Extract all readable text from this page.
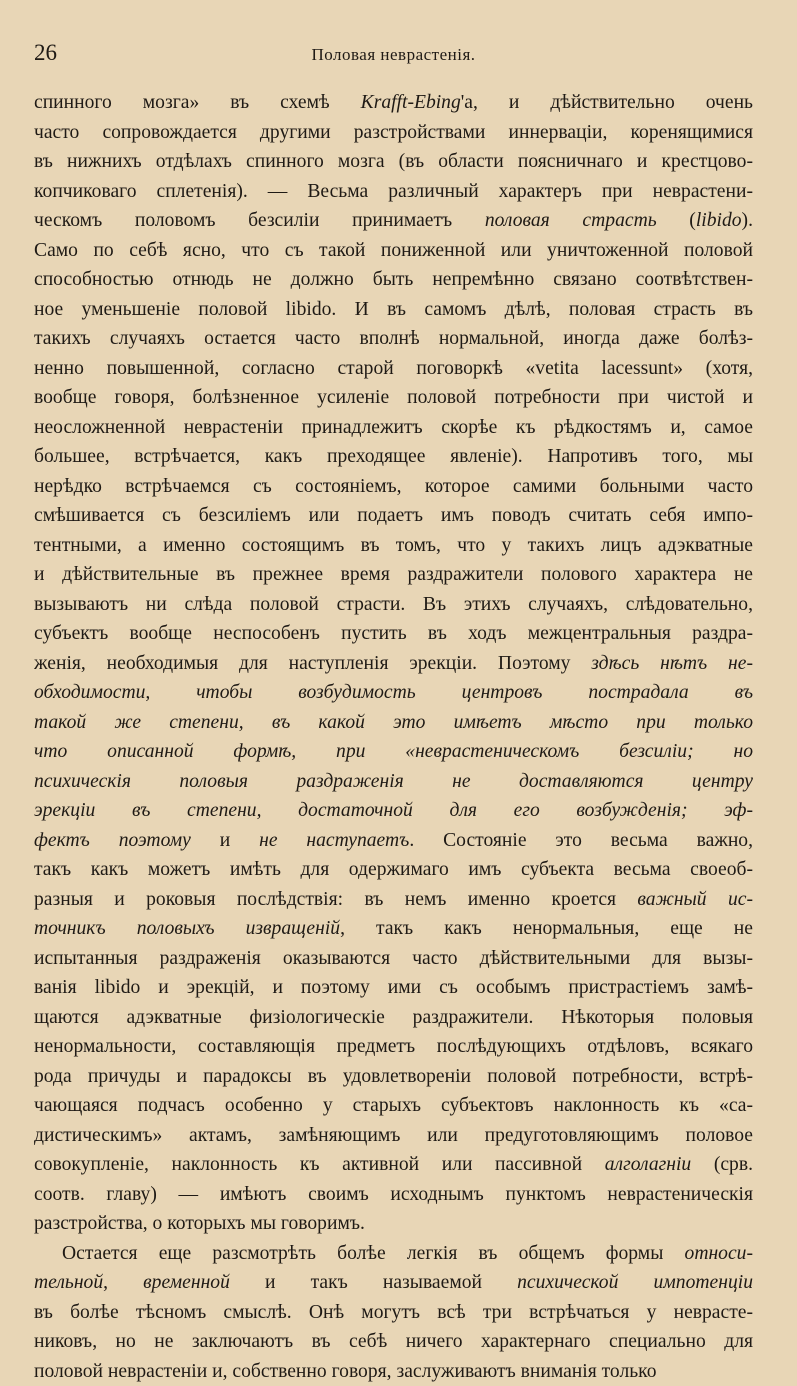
26	Половая неврастенія.
спинного мозга» въ схемѣ Krafft-Ebing'а, и дѣйствительно очень
часто сопровождается другими разстройствами иннерваціи, коренящимися
въ нижнихъ отдѣлахъ спинного мозга (въ области поясничнаго и крестцово-
копчиковаго сплетенія). — Весьма различный характеръ при неврастени-
ческомъ половомъ безсиліи принимаетъ половая страсть (libido).
Само по себѣ ясно, что съ такой пониженной или уничтоженной половой
способностью отнюдь не должно быть непремѣнно связано соотвѣтствен-
ное уменьшеніе половой libido. И въ самомъ дѣлѣ, половая страсть въ
такихъ случаяхъ остается часто вполнѣ нормальной, иногда даже болѣз-
ненно повышенной, согласно старой поговоркѣ «vetita lacessunt» (хотя,
вообще говоря, болѣзненное усиленіе половой потребности при чистой и
неосложненной неврастеніи принадлежитъ скорѣе къ рѣдкостямъ и, самое
большее, встрѣчается, какъ преходящее явленіе). Напротивъ того, мы
нерѣдко встрѣчаемся съ состояніемъ, которое самими больными часто
смѣшивается съ безсиліемъ или подаетъ имъ поводъ считать себя импо-
тентными, а именно состоящимъ въ томъ, что у такихъ лицъ адэкватные
и дѣйствительные въ прежнее время раздражители полового характера не
вызываютъ ни слѣда половой страсти. Въ этихъ случаяхъ, слѣдовательно,
субъектъ вообще неспособенъ пустить въ ходъ межцентральныя раздра-
женія, необходимыя для наступленія эрекціи. Поэтому здѣсь нѣтъ не-
обходимости, чтобы возбудимость центровъ пострадала въ
такой же степени, въ какой это имѣетъ мѣсто при только
что описанной формѣ, при «неврастеническомъ безсиліи; но
психическія половыя раздраженія не доставляются центру
эрекціи въ степени, достаточной для его возбужденія; эф-
фектъ поэтому и не наступаетъ. Состояніе это весьма важно,
такъ какъ можетъ имѣть для одержимаго имъ субъекта весьма своеоб-
разныя и роковыя послѣдствія: въ немъ именно кроется важный ис-
точникъ половыхъ извращеній, такъ какъ ненормальныя, еще не
испытанныя раздраженія оказываются часто дѣйствительными для вызы-
ванія libido и эрекцій, и поэтому ими съ особымъ пристрастіемъ замѣ-
щаются адэкватные физіологическіе раздражители. Нѣкоторыя половыя
ненормальности, составляющія предметъ послѣдующихъ отдѣловъ, всякаго
рода причуды и парадоксы въ удовлетвореніи половой потребности, встрѣ-
чающаяся подчасъ особенно у старыхъ субъектовъ наклонность къ «са-
дистическимъ» актамъ, замѣняющимъ или предуготовляющимъ половое
совокупленіе, наклонность къ активной или пассивной алголагніи (срв.
соотв. главу) — имѣютъ своимъ исходнымъ пунктомъ неврастеническія
разстройства, о которыхъ мы говоримъ.
Остается еще разсмотрѣть болѣе легкія въ общемъ формы относи-
тельной, временной и такъ называемой психической импотенціи
въ болѣе тѣсномъ смыслѣ. Онѣ могутъ всѣ три встрѣчаться у неврасте-
никовъ, но не заключаютъ въ себѣ ничего характернаго специальнo для
половой неврастеніи и, собственно говоря, заслуживаютъ вниманія только
